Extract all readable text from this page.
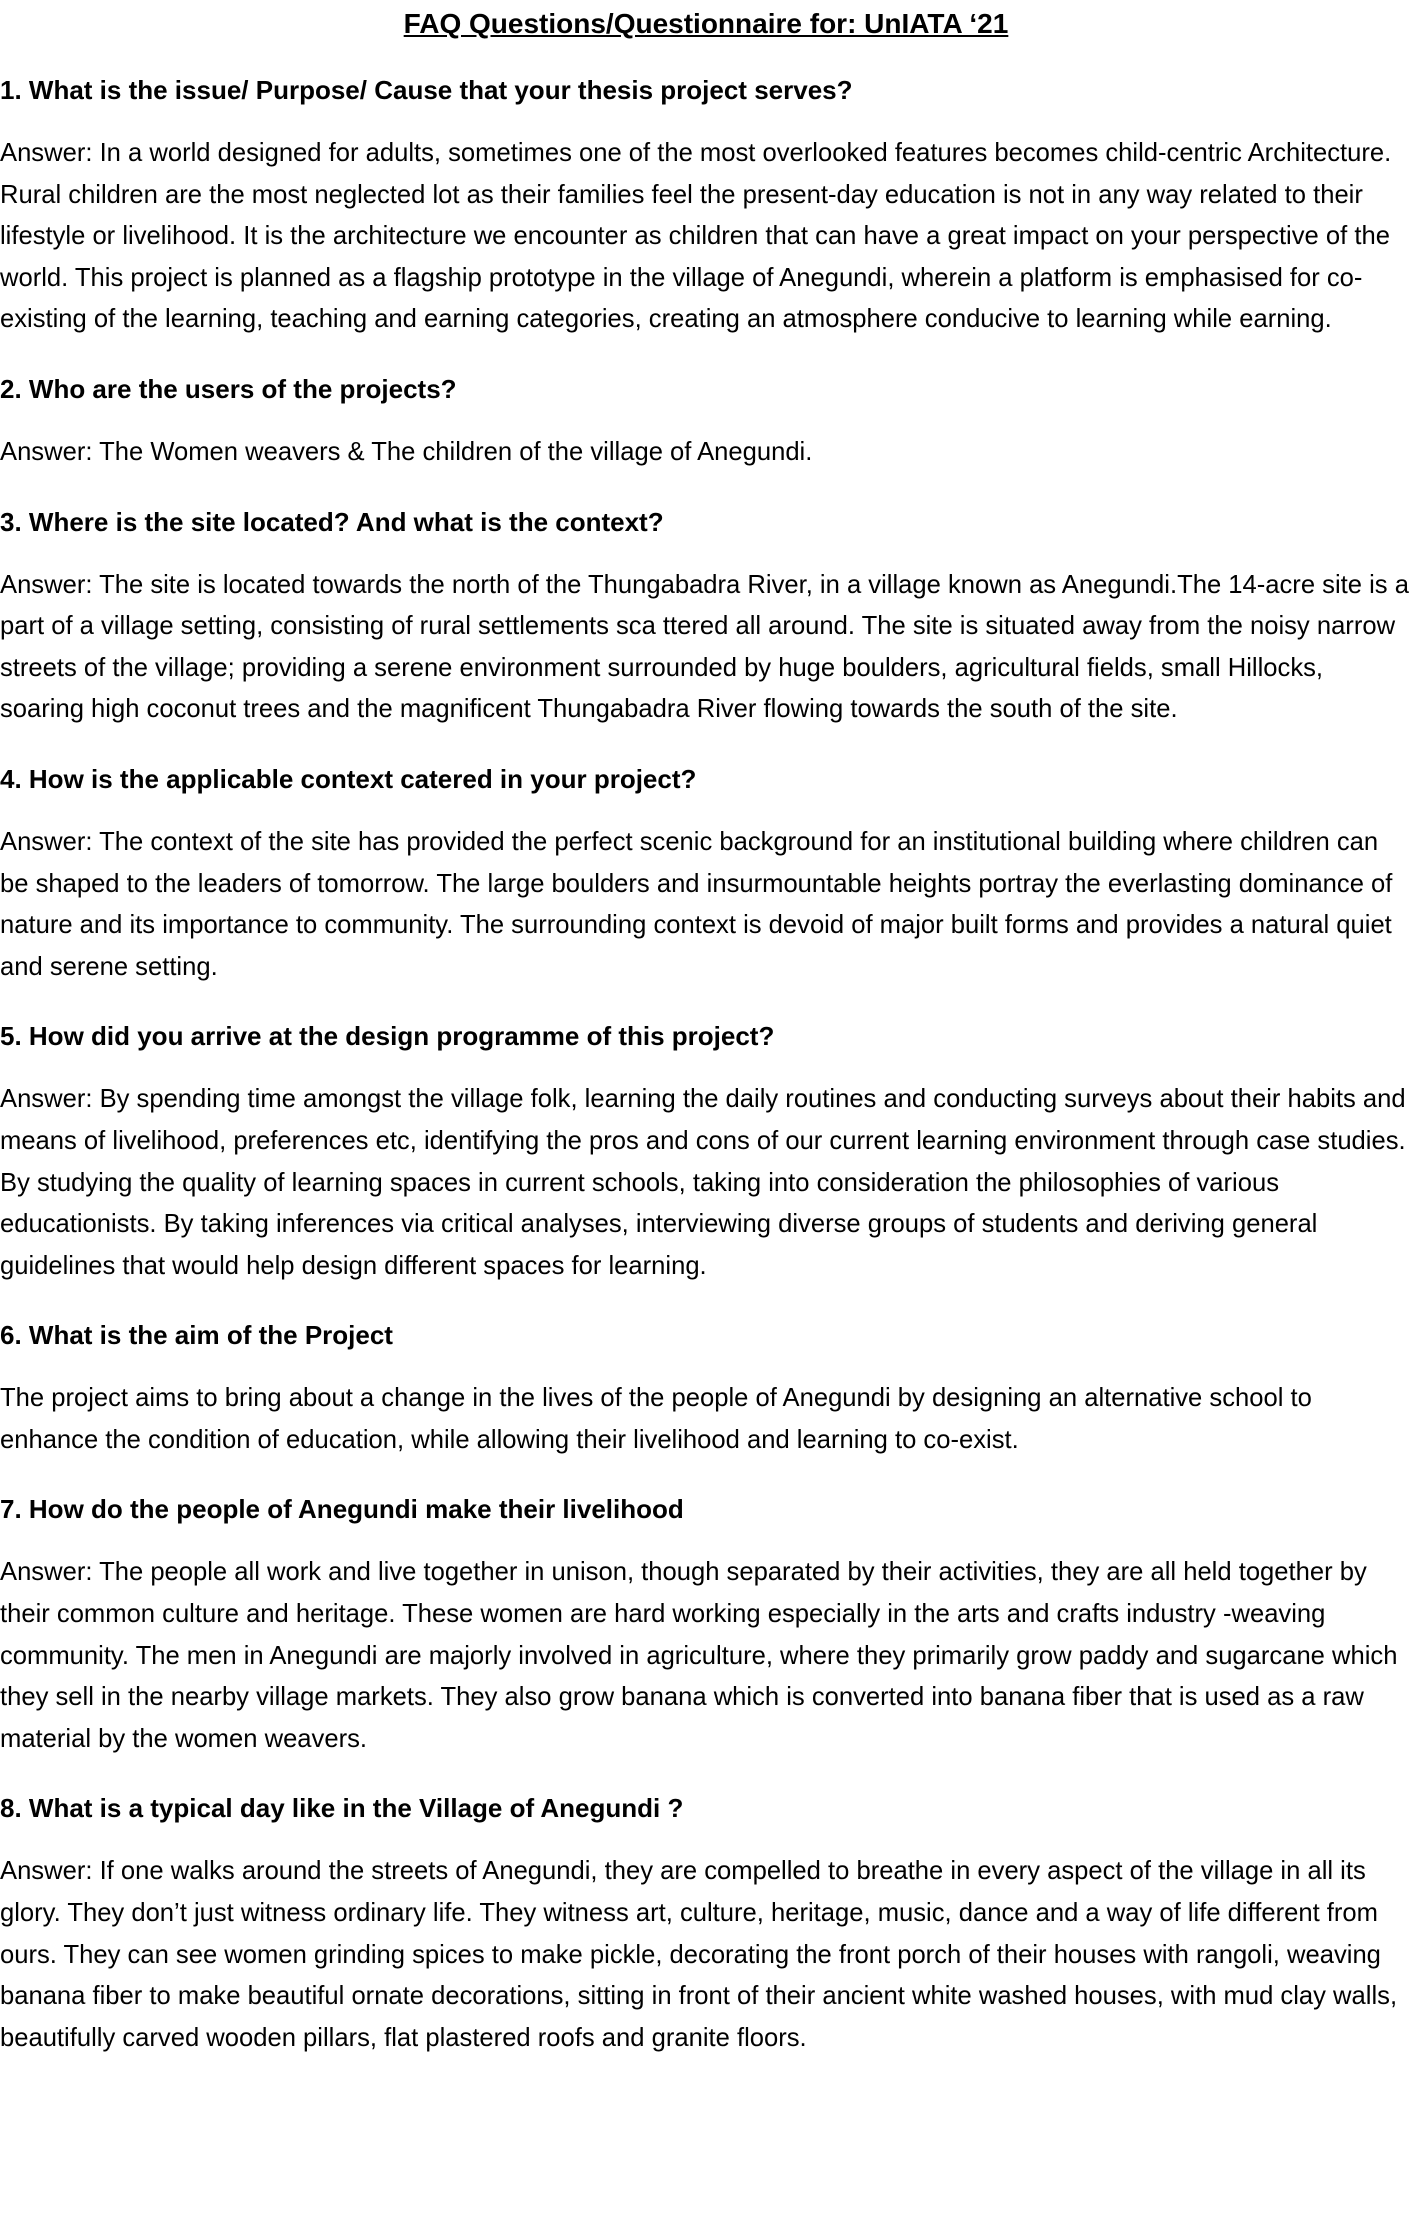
FAQ Questions/Questionnaire for: UnIATA ‘21

1. What is the issue/ Purpose/ Cause that your thesis project serves?

Answer: In a world designed for adults, sometimes one of the most overlooked features becomes child-centric Architecture. Rural children are the most neglected lot as their families feel the present-day education is not in any way related to their lifestyle or livelihood. It is the architecture we encounter as children that can have a great impact on your perspective of the world. This project is planned as a flagship prototype in the village of Anegundi, wherein a platform is emphasised for co-existing of the learning, teaching and earning categories, creating an atmosphere conducive to learning while earning.

2. Who are the users of the projects?

Answer: The Women weavers & The children of the village of Anegundi.

3. Where is the site located? And what is the context?

Answer: The site is located towards the north of the Thungabadra River, in a village known as Anegundi.The 14-acre site is a part of a village setting, consisting of rural settlements sca ttered all around. The site is situated away from the noisy narrow streets of the village; providing a serene environment surrounded by huge boulders, agricultural fields, small Hillocks, soaring high coconut trees and the magnificent Thungabadra River flowing towards the south of the site.

4. How is the applicable context catered in your project?

Answer: The context of the site has provided the perfect scenic background for an institutional building where children can be shaped to the leaders of tomorrow. The large boulders and insurmountable heights portray the everlasting dominance of nature and its importance to community. The surrounding context is devoid of major built forms and provides a natural quiet and serene setting.

5. How did you arrive at the design programme of this project?

Answer: By spending time amongst the village folk, learning the daily routines and conducting surveys about their habits and means of livelihood, preferences etc, identifying the pros and cons of our current learning environment through case studies. By studying the quality of learning spaces in current schools, taking into consideration the philosophies of various educationists. By taking inferences via critical analyses, interviewing diverse groups of students and deriving general guidelines that would help design different spaces for learning.

6. What is the aim of the Project

The project aims to bring about a change in the lives of the people of Anegundi by designing an alternative school to enhance the condition of education, while allowing their livelihood and learning to co-exist.

7. How do the people of Anegundi make their livelihood

Answer: The people all work and live together in unison, though separated by their activities, they are all held together by their common culture and heritage. These women are hard working especially in the arts and crafts industry -weaving community. The men in Anegundi are majorly involved in agriculture, where they primarily grow paddy and sugarcane which they sell in the nearby village markets. They also grow banana which is converted into banana fiber that is used as a raw material by the women weavers.

8. What is a typical day like in the Village of Anegundi ?

Answer: If one walks around the streets of Anegundi, they are compelled to breathe in every aspect of the village in all its glory. They don’t just witness ordinary life. They witness art, culture, heritage, music, dance and a way of life different from ours. They can see women grinding spices to make pickle, decorating the front porch of their houses with rangoli, weaving banana fiber to make beautiful ornate decorations, sitting in front of their ancient white washed houses, with mud clay walls, beautifully carved wooden pillars, flat plastered roofs and granite floors.
